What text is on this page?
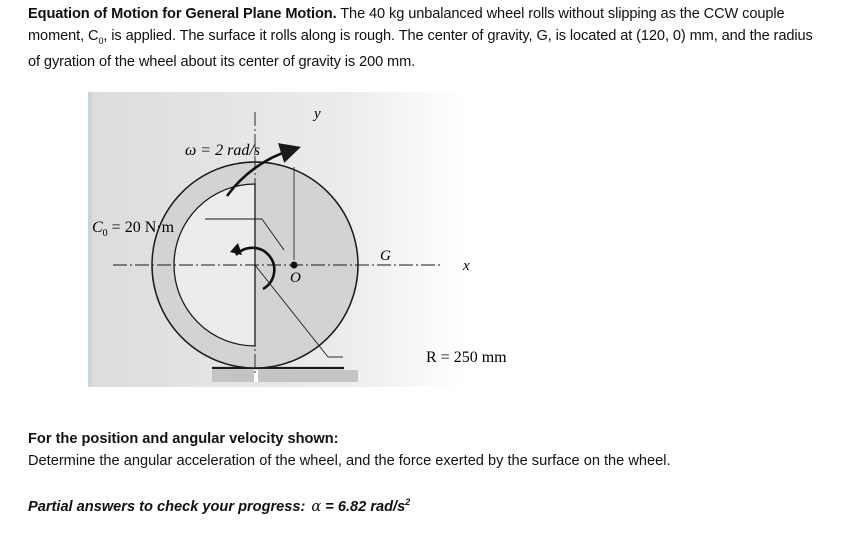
Equation of Motion for General Plane Motion. The 40 kg unbalanced wheel rolls without slipping as the CCW couple moment, $C_0$, is applied. The surface it rolls along is rough. The center of gravity, G, is located at (120, 0) mm, and the radius of gyration of the wheel about its center of gravity is 200 mm.
y
x
O
G
ω = 2 rad/s
$C_0 = 20$ N·m
R = 250 mm
For the position and angular velocity shown:
Determine the angular acceleration of the wheel, and the force exerted by the surface on the wheel.
Partial answers to check your progress: α = 6.82 rad/$s^2$
